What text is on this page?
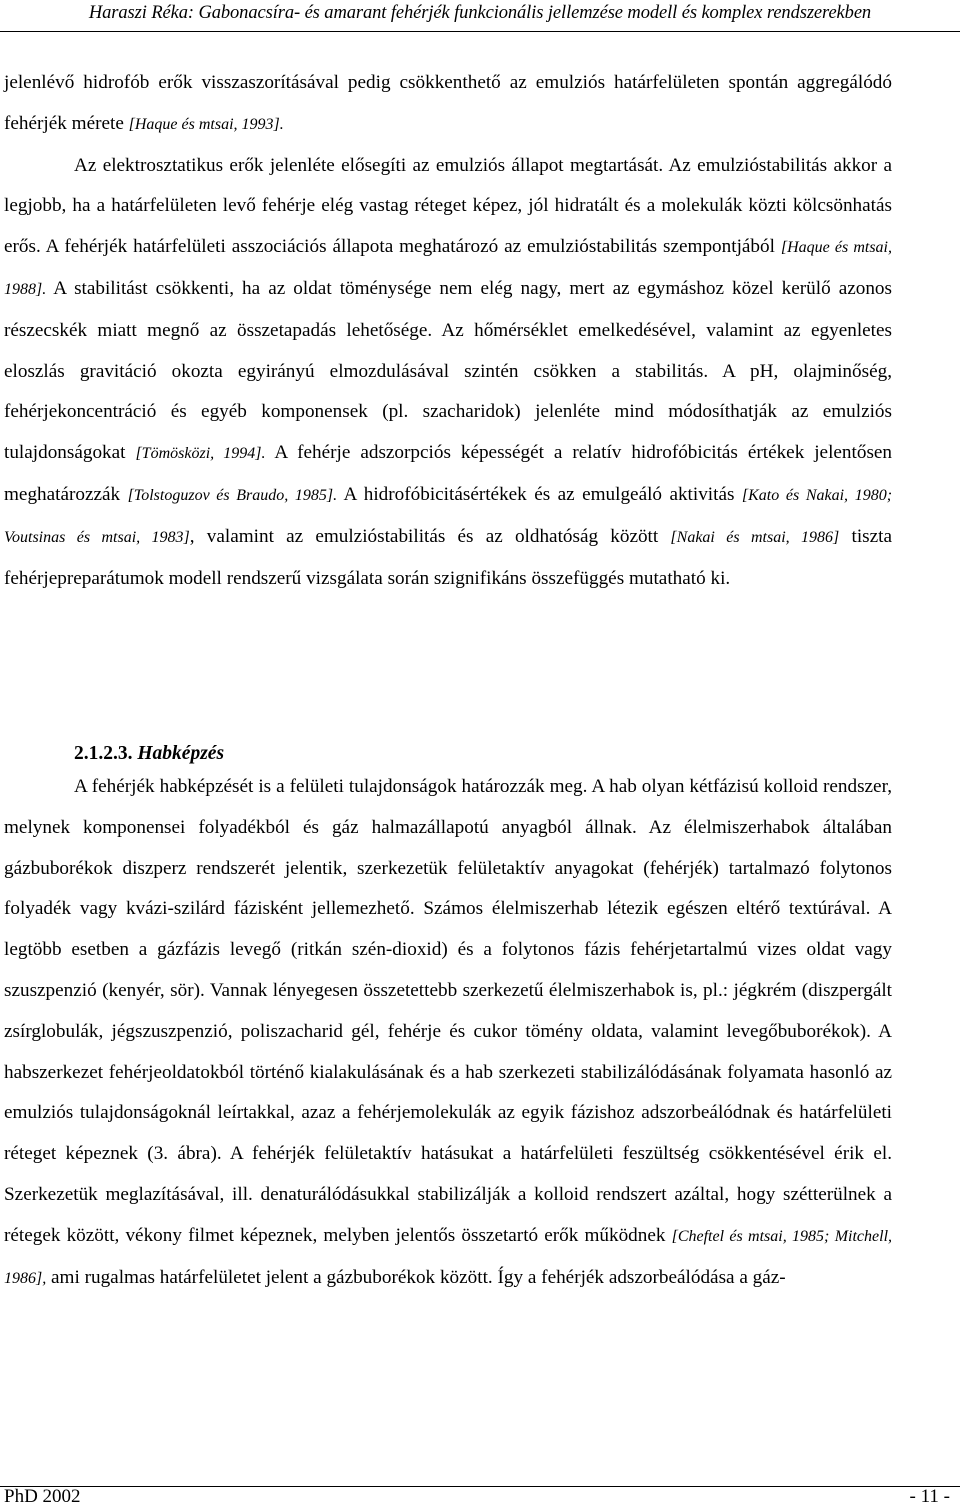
Haraszi Réka: Gabonacsíra- és amarant fehérjék funkcionális jellemzése modell és komplex rendszerekben

jelenlévő hidrofób erők visszaszorításával pedig csökkenthető az emulziós határfelületen spontán aggregálódó fehérjék mérete [Haque és mtsai, 1993].

Az elektrosztatikus erők jelenléte elősegíti az emulziós állapot megtartását. Az emulzióstabilitás akkor a legjobb, ha a határfelületen levő fehérje elég vastag réteget képez, jól hidratált és a molekulák közti kölcsönhatás erős. A fehérjék határfelületi asszociációs állapota meghatározó az emulzióstabilitás szempontjából [Haque és mtsai, 1988]. A stabilitást csökkenti, ha az oldat töménysége nem elég nagy, mert az egymáshoz közel kerülő azonos részecskék miatt megnő az összetapadás lehetősége. Az hőmérséklet emelkedésével, valamint az egyenletes eloszlás gravitáció okozta egyirányú elmozdulásával szintén csökken a stabilitás. A pH, olajminőség, fehérjekoncentráció és egyéb komponensek (pl. szacharidok) jelenléte mind módosíthatják az emulziós tulajdonságokat [Tömösközi, 1994]. A fehérje adszorpciós képességét a relatív hidrofóbicitás értékek jelentősen meghatározzák [Tolstoguzov és Braudo, 1985]. A hidrofóbicitásértékek és az emulgeáló aktivitás [Kato és Nakai, 1980; Voutsinas és mtsai, 1983], valamint az emulzióstabilitás és az oldhatóság között [Nakai és mtsai, 1986] tiszta fehérjepreparátumok modell rendszerű vizsgálata során szignifikáns összefüggés mutatható ki.

2.1.2.3. Habképzés

A fehérjék habképzését is a felületi tulajdonságok határozzák meg. A hab olyan kétfázisú kolloid rendszer, melynek komponensei folyadékból és gáz halmazállapotú anyagból állnak. Az élelmiszerhabok általában gázbuborékok diszperz rendszerét jelentik, szerkezetük felületaktív anyagokat (fehérjék) tartalmazó folytonos folyadék vagy kvázi-szilárd fázisként jellemezhető. Számos élelmiszerhab létezik egészen eltérő textúrával. A legtöbb esetben a gázfázis levegő (ritkán szén-dioxid) és a folytonos fázis fehérjetartalmú vizes oldat vagy szuszpenzió (kenyér, sör). Vannak lényegesen összetettebb szerkezetű élelmiszerhabok is, pl.: jégkrém (diszpergált zsírglobulák, jégszuszpenzió, poliszacharid gél, fehérje és cukor tömény oldata, valamint levegőbuborékok). A habszerkezet fehérjeoldatokból történő kialakulásának és a hab szerkezeti stabilizálódásának folyamata hasonló az emulziós tulajdonságoknál leírtakkal, azaz a fehérjemolekulák az egyik fázishoz adszorbeálódnak és határfelületi réteget képeznek (3. ábra). A fehérjék felületaktív hatásukat a határfelületi feszültség csökkentésével érik el. Szerkezetük meglazításával, ill. denaturálódásukkal stabilizálják a kolloid rendszert azáltal, hogy szétterülnek a rétegek között, vékony filmet képeznek, melyben jelentős összetartó erők működnek [Cheftel és mtsai, 1985; Mitchell, 1986], ami rugalmas határfelületet jelent a gázbuborékok között. Így a fehérjék adszorbeálódása a gáz-

PhD 2002	- 11 -
